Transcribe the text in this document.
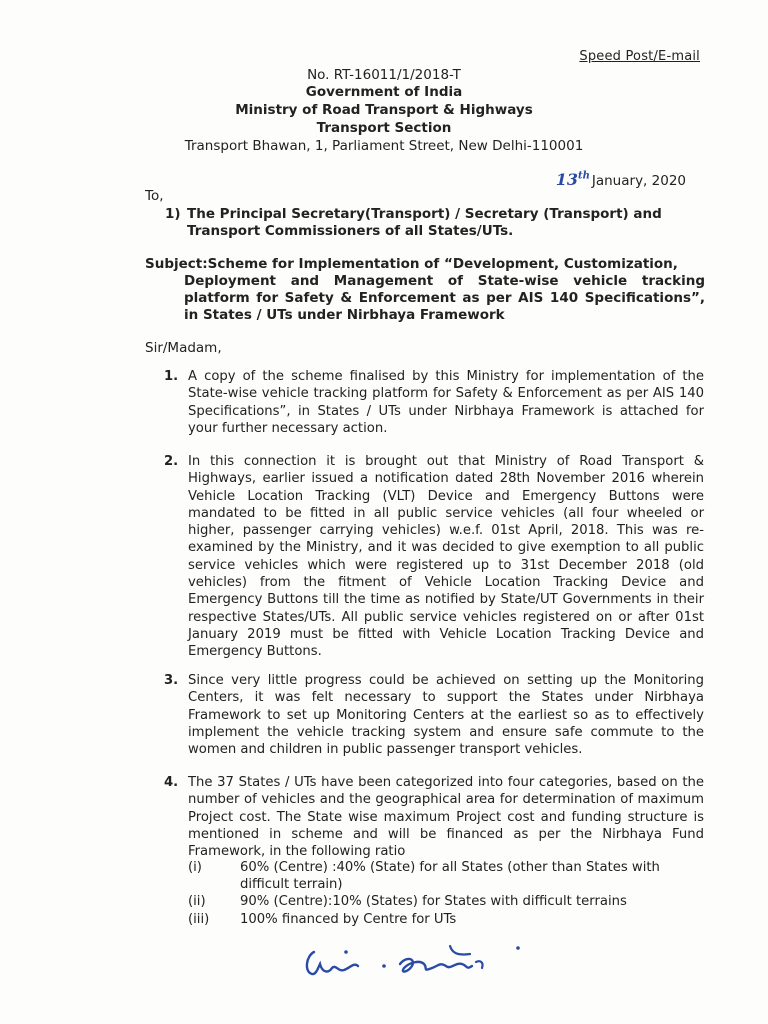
Speed Post/E-mail
No. RT-16011/1/2018-T
Government of India
Ministry of Road Transport & Highways
Transport Section
Transport Bhawan, 1, Parliament Street, New Delhi-110001
13th January, 2020
To,
1) The Principal Secretary(Transport) / Secretary (Transport) and Transport Commissioners of all States/UTs.
Subject:Scheme for Implementation of “Development, Customization,
Deployment and Management of State-wise vehicle tracking platform for Safety & Enforcement as per AIS 140 Specifications”, in States / UTs under Nirbhaya Framework
Sir/Madam,
1. A copy of the scheme finalised by this Ministry for implementation of the State-wise vehicle tracking platform for Safety & Enforcement as per AIS 140 Specifications”, in States / UTs under Nirbhaya Framework is attached for your further necessary action.
2. In this connection it is brought out that Ministry of Road Transport & Highways, earlier issued a notification dated 28th November 2016 wherein Vehicle Location Tracking (VLT) Device and Emergency Buttons were mandated to be fitted in all public service vehicles (all four wheeled or higher, passenger carrying vehicles) w.e.f. 01st April, 2018. This was re-examined by the Ministry, and it was decided to give exemption to all public service vehicles which were registered up to 31st December 2018 (old vehicles) from the fitment of Vehicle Location Tracking Device and Emergency Buttons till the time as notified by State/UT Governments in their respective States/UTs. All public service vehicles registered on or after 01st January 2019 must be fitted with Vehicle Location Tracking Device and Emergency Buttons.
3. Since very little progress could be achieved on setting up the Monitoring Centers, it was felt necessary to support the States under Nirbhaya Framework to set up Monitoring Centers at the earliest so as to effectively implement the vehicle tracking system and ensure safe commute to the women and children in public passenger transport vehicles.
4. The 37 States / UTs have been categorized into four categories, based on the number of vehicles and the geographical area for determination of maximum Project cost. The State wise maximum Project cost and funding structure is mentioned in scheme and will be financed as per the Nirbhaya Fund Framework, in the following ratio
(i)	60% (Centre) :40% (State) for all States (other than States with difficult terrain)
(ii)	90% (Centre):10% (States) for States with difficult terrains
(iii) 100% financed by Centre for UTs
